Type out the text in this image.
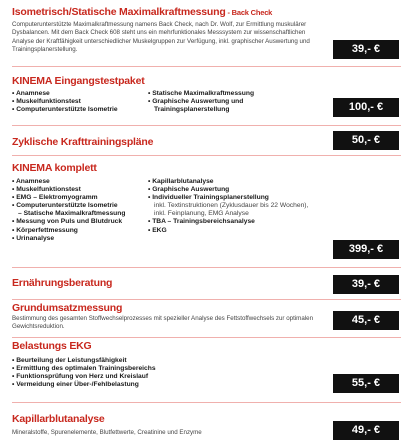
Isometrisch/Statische Maximalkraftmessung - Back Check
Computerunterstützte Maximalkraftmessung namens Back Check, nach Dr. Wolf, zur Ermittlung muskulärer Dysbalancen. Mit dem Back Check 608 steht uns ein mehrfunktionales Messsystem zur wissenschaftlichen Analyse der Kraftfähigkeit unterschiedlicher Muskelgruppen zur Verfügung, inkl. graphischer Auswertung und Trainingsplanerstellung.	39,- €
KINEMA Eingangstestpaket
• Anamnese
• Muskelfunktionstest
• Computerunterstützte Isometrie
• Statische Maximalkraftmessung
• Graphische Auswertung und
Trainingsplanerstellung	100,- €
Zyklische Krafttrainingspläne	50,- €
KINEMA komplett
• Anamnese
• Muskelfunktionstest
• EMG – Elektromyogramm
• Computerunterstützte Isometrie
– Statische Maximalkraftmessung
• Messung von Puls und Blutdruck
• Körperfettmessung
• Urinanalyse
• Kapillarblutanalyse
• Graphische Auswertung
• Individueller Trainingsplanerstellung
inkl. Textinstruktionen (Zyklusdauer bis 22 Wochen),
inkl. Feinplanung, EMG Analyse
• TBA – Trainingsbereichsanalyse
• EKG
399,- €
Ernährungsberatung	39,- €
Grundumsatzmessung
Bestimmung des gesamten Stoffwechselprozesses mit spezieller Analyse des Fettstoffwechsels zur optimalen Gewichtsreduktion.
45,- €
Belastungs EKG
• Beurteilung der Leistungsfähigkeit
• Ermittlung des optimalen Trainingsbereichs
• Funktionsprüfung von Herz und Kreislauf
• Vermeidung einer Über-/Fehlbelastung	55,- €
Kapillarblutanalyse
Mineralstoffe, Spurenelemente, Blutfettwerte, Creatinine und Enzyme	49,- €
